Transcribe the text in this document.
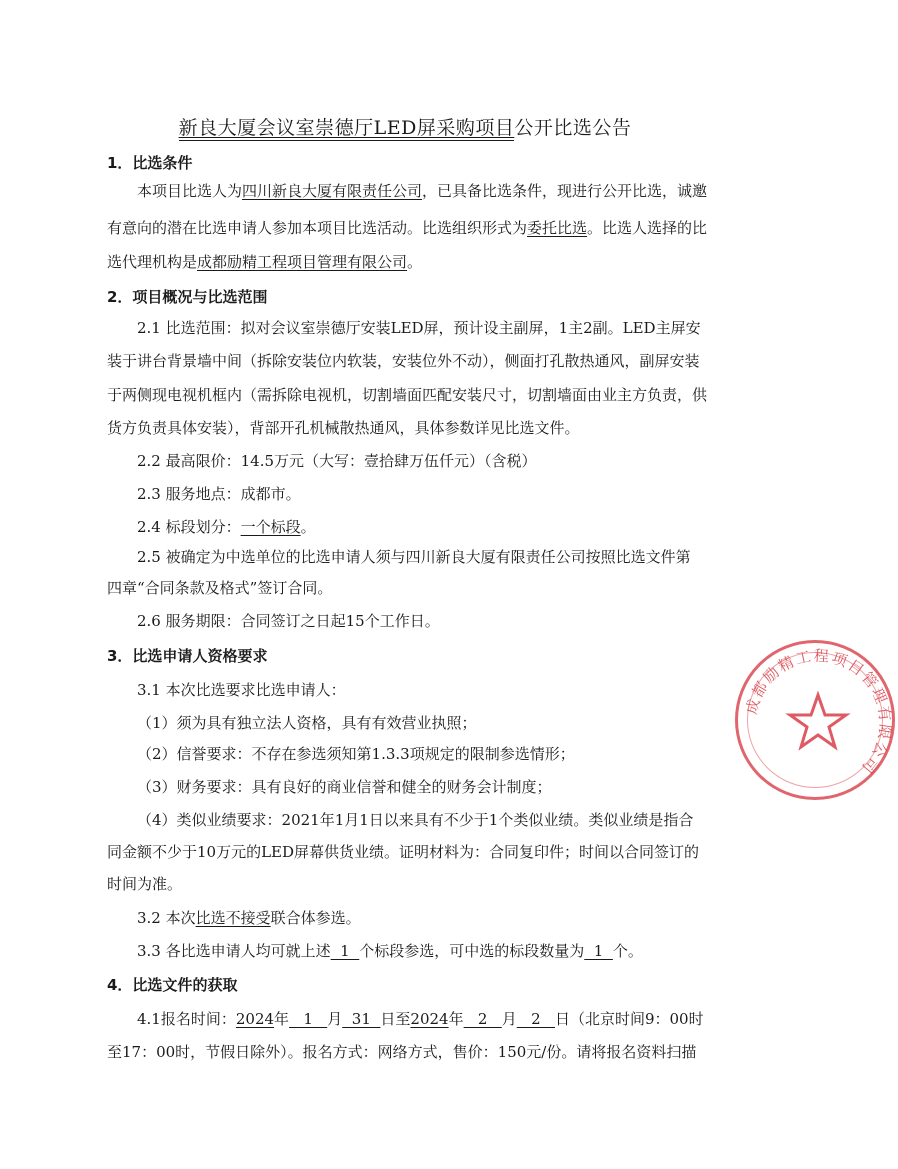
新良大厦会议室崇德厅LED屏采购项目公开比选公告
1．比选条件
本项目比选人为四川新良大厦有限责任公司，已具备比选条件，现进行公开比选，诚邀
有意向的潜在比选申请人参加本项目比选活动。比选组织形式为委托比选。比选人选择的比
选代理机构是成都励精工程项目管理有限公司。
2．项目概况与比选范围
2.1 比选范围：拟对会议室崇德厅安装LED屏，预计设主副屏，1主2副。LED主屏安
装于讲台背景墙中间（拆除安装位内软装，安装位外不动），侧面打孔散热通风，副屏安装
于两侧现电视机框内（需拆除电视机，切割墙面匹配安装尺寸，切割墙面由业主方负责，供
货方负责具体安装），背部开孔机械散热通风，具体参数详见比选文件。
2.2 最高限价：14.5万元（大写：壹拾肆万伍仟元）（含税）
2.3 服务地点：成都市。
2.4 标段划分：一个标段。
2.5 被确定为中选单位的比选申请人须与四川新良大厦有限责任公司按照比选文件第
四章“合同条款及格式”签订合同。
2.6 服务期限：合同签订之日起15个工作日。
3．比选申请人资格要求
3.1 本次比选要求比选申请人：
（1）须为具有独立法人资格，具有有效营业执照；
（2）信誉要求：不存在参选须知第1.3.3项规定的限制参选情形；
（3）财务要求：具有良好的商业信誉和健全的财务会计制度；
（4）类似业绩要求：2021年1月1日以来具有不少于1个类似业绩。类似业绩是指合
同金额不少于10万元的LED屏幕供货业绩。证明材料为：合同复印件；时间以合同签订的
时间为准。
3.2 本次比选不接受联合体参选。
3.3 各比选申请人均可就上述  1  个标段参选，可中选的标段数量为  1  个。
4．比选文件的获取
4.1报名时间：2024年   1   月  31  日至2024年   2   月   2   日（北京时间9：00时
至17：00时，节假日除外）。报名方式：网络方式，售价：150元/份。请将报名资料扫描
成都励精工程项目管理有限公司
